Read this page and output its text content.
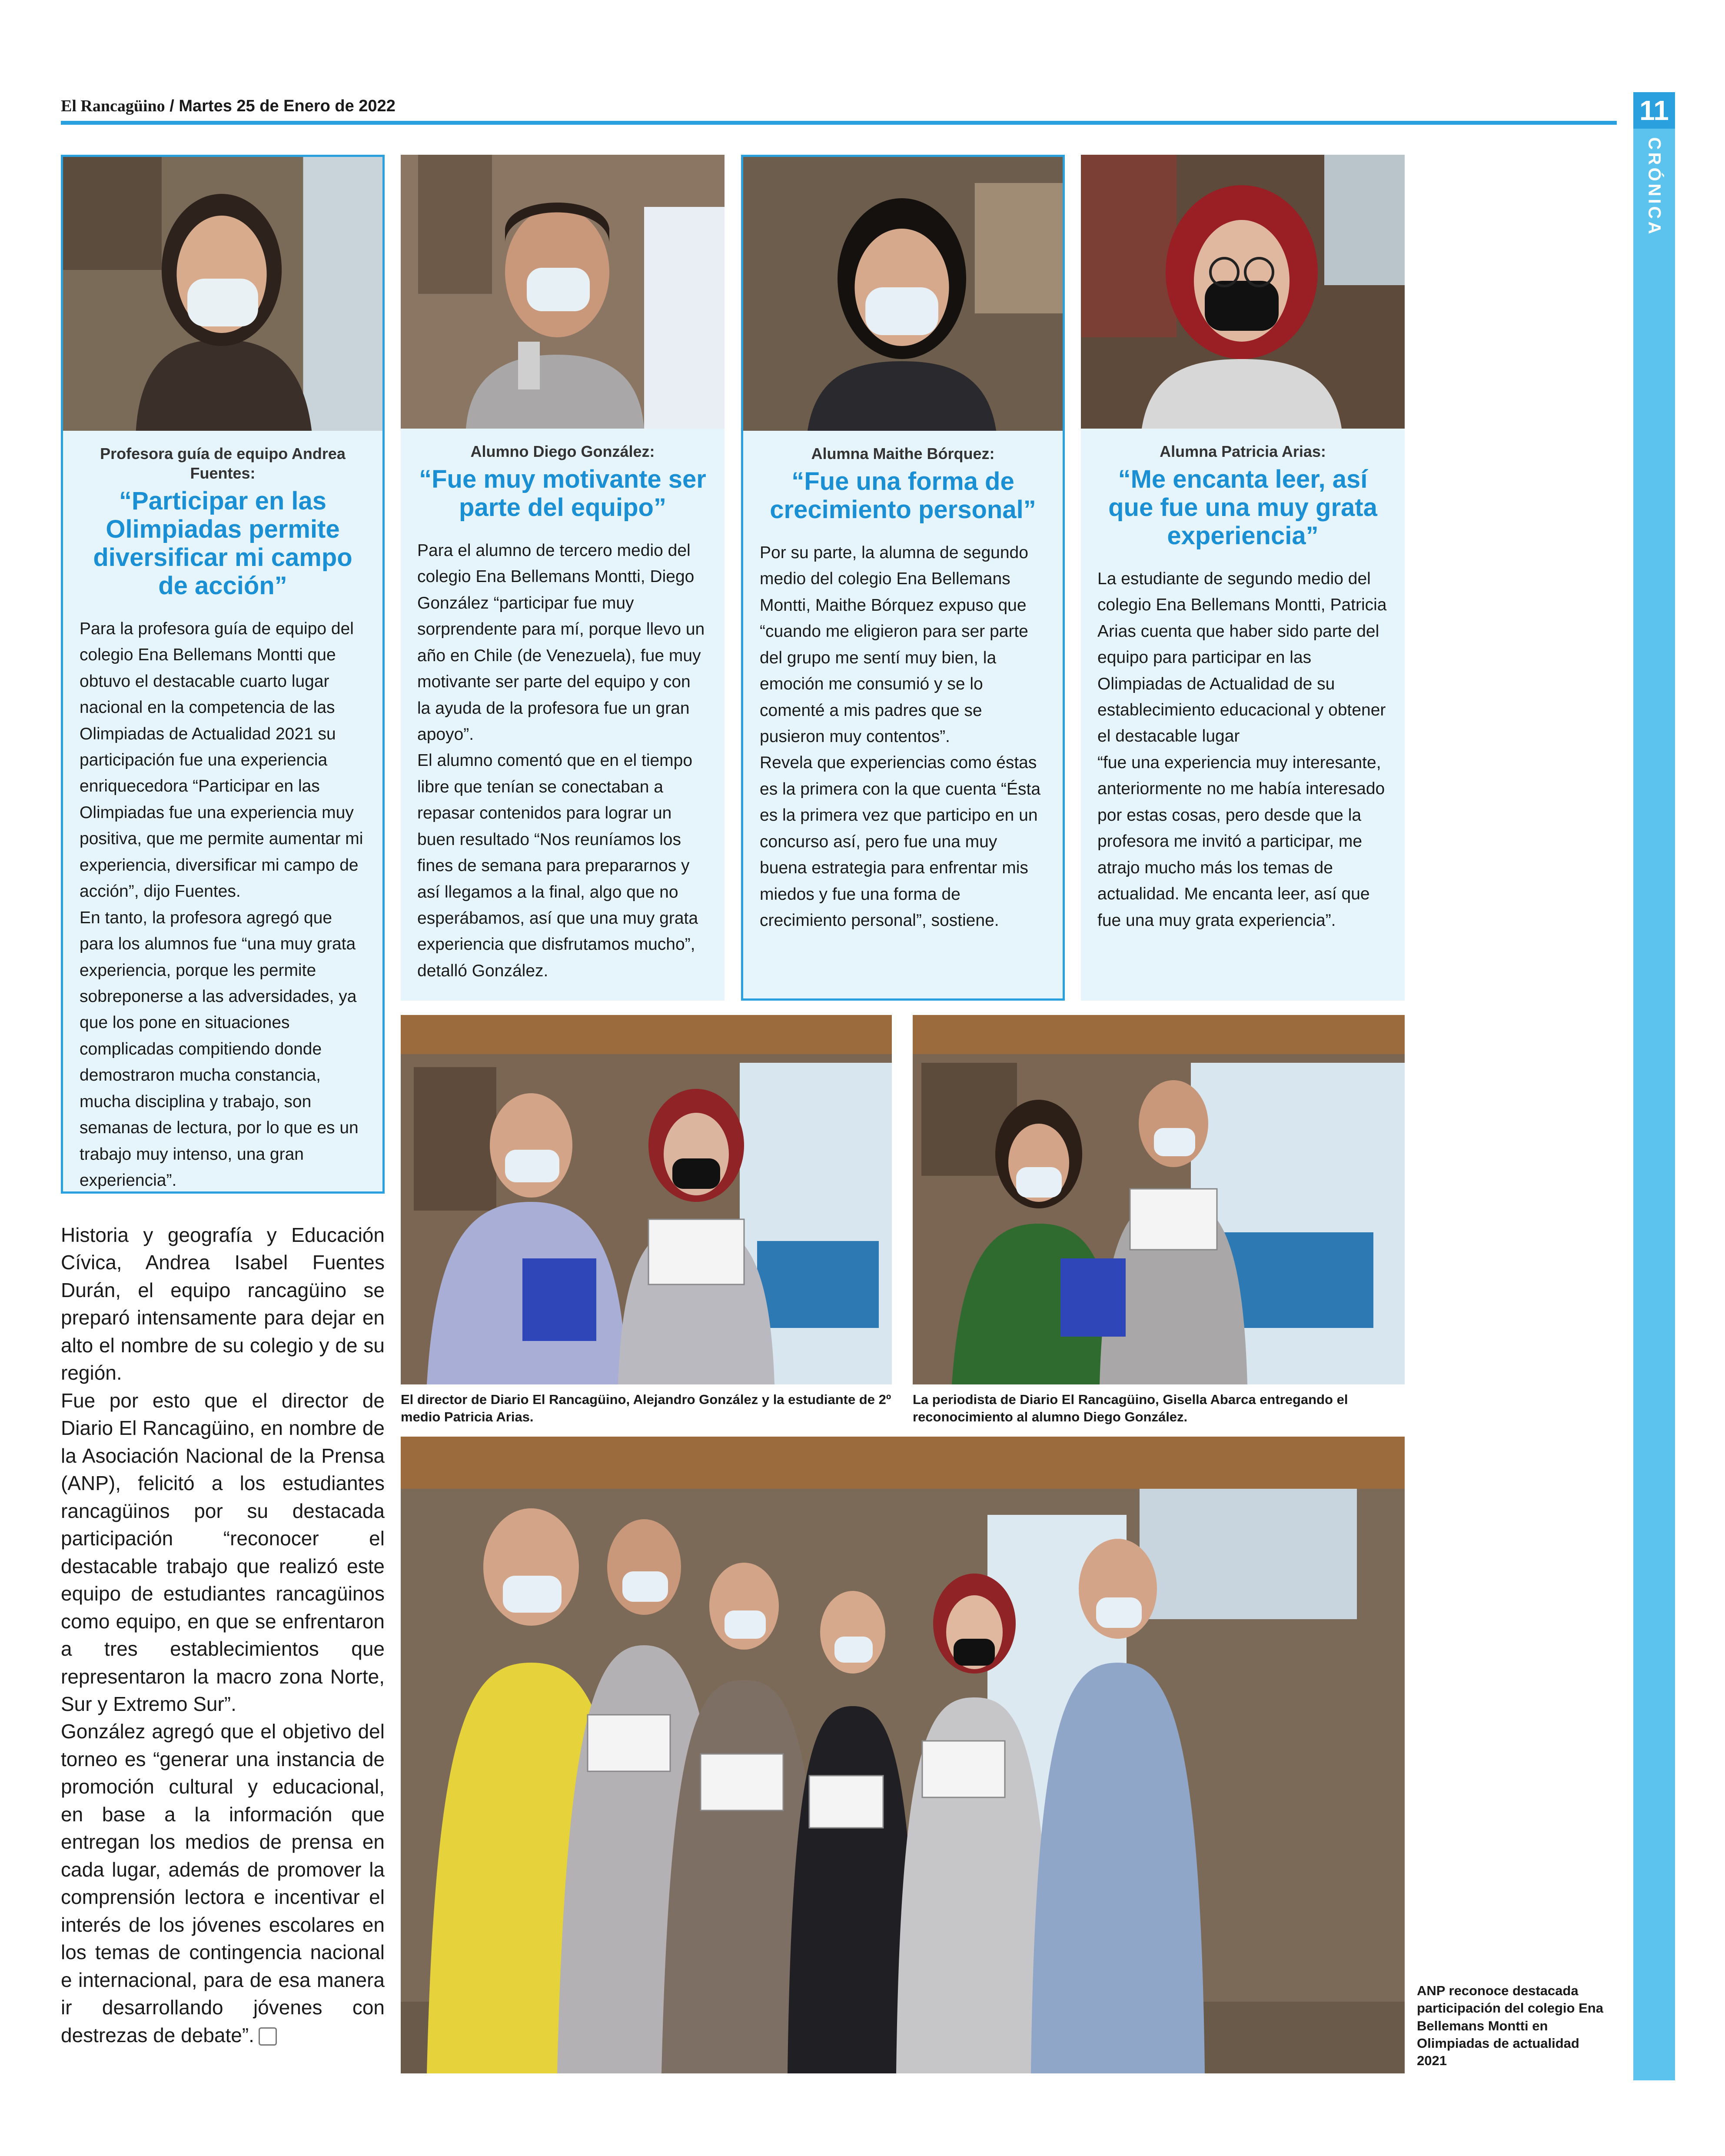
El Rancagüino / Martes 25 de Enero de 2022	11
CRÓNICA
Profesora guía de equipo Andrea Fuentes:
“Participar en las Olimpiadas permite diversificar mi campo de acción”

Para la profesora guía de equipo del colegio Ena Bellemans Montti que obtuvo el destacable cuarto lugar nacional en la competencia de las Olimpiadas de Actualidad 2021 su participación fue una experiencia enriquecedora “Participar en las Olimpiadas fue una experiencia muy positiva, que me permite aumentar mi experiencia, diversificar mi campo de acción”, dijo Fuentes.

En tanto, la profesora agregó que para los alumnos fue “una muy grata experiencia, porque les permite sobreponerse a las adversidades, ya que los pone en situaciones complicadas compitiendo donde demostraron mucha constancia, mucha disciplina y trabajo, son semanas de lectura, por lo que es un trabajo muy intenso, una gran experiencia”.

Alumno Diego González:
“Fue muy motivante ser parte del equipo”

Para el alumno de tercero medio del colegio Ena Bellemans Montti, Diego González “participar fue muy sorprendente para mí, porque llevo un año en Chile (de Venezuela), fue muy motivante ser parte del equipo y con la ayuda de la profesora fue un gran apoyo”.

El alumno comentó que en el tiempo libre que tenían se conectaban a repasar contenidos para lograr un buen resultado “Nos reuníamos los fines de semana para prepararnos y así llegamos a la final, algo que no esperábamos, así que una muy grata experiencia que disfrutamos mucho”, detalló González.

Alumna Maithe Bórquez:
“Fue una forma de crecimiento personal”

Por su parte, la alumna de segundo medio del colegio Ena Bellemans Montti, Maithe Bórquez expuso que “cuando me eligieron para ser parte del grupo me sentí muy bien, la emoción me consumió y se lo comenté a mis padres que se pusieron muy contentos”.

Revela que experiencias como éstas es la primera con la que cuenta “Ésta es la primera vez que participo en un concurso así, pero fue una muy buena estrategia para enfrentar mis miedos y fue una forma de crecimiento personal”, sostiene.

Alumna Patricia Arias:
“Me encanta leer, así que fue una muy grata experiencia”

La estudiante de segundo medio del colegio Ena Bellemans Montti, Patricia Arias cuenta que haber sido parte del equipo para participar en las Olimpiadas de Actualidad de su establecimiento educacional y obtener el destacable lugar

“fue una experiencia muy interesante, anteriormente no me había interesado por estas cosas, pero desde que la profesora me invitó a participar, me atrajo mucho más los temas de actualidad. Me encanta leer, así que fue una muy grata experiencia”.

Historia y geografía y Educación Cívica, Andrea Isabel Fuentes Durán, el equipo rancagüino se preparó intensamente para dejar en alto el nombre de su colegio y de su región.

Fue por esto que el director de Diario El Rancagüino, en nombre de la Asociación Nacional de la Prensa (ANP), felicitó a los estudiantes rancagüinos por su destacada participación “reconocer el destacable trabajo que realizó este equipo de estudiantes rancagüinos como equipo, en que se enfrentaron a tres establecimientos que representaron la macro zona Norte, Sur y Extremo Sur”.

González agregó que el objetivo del torneo es “generar una instancia de promoción cultural y educacional, en base a la información que entregan los medios de prensa en cada lugar, además de promover la comprensión lectora e incentivar el interés de los jóvenes escolares en los temas de contingencia nacional e internacional, para de esa manera ir desarrollando jóvenes con destrezas de debate”.

El director de Diario El Rancagüino, Alejandro González y la estudiante de 2º medio Patricia Arias.
La periodista de Diario El Rancagüino, Gisella Abarca entregando el reconocimiento al alumno Diego González.
ANP reconoce destacada participación del colegio Ena Bellemans Montti en Olimpiadas de actualidad 2021
